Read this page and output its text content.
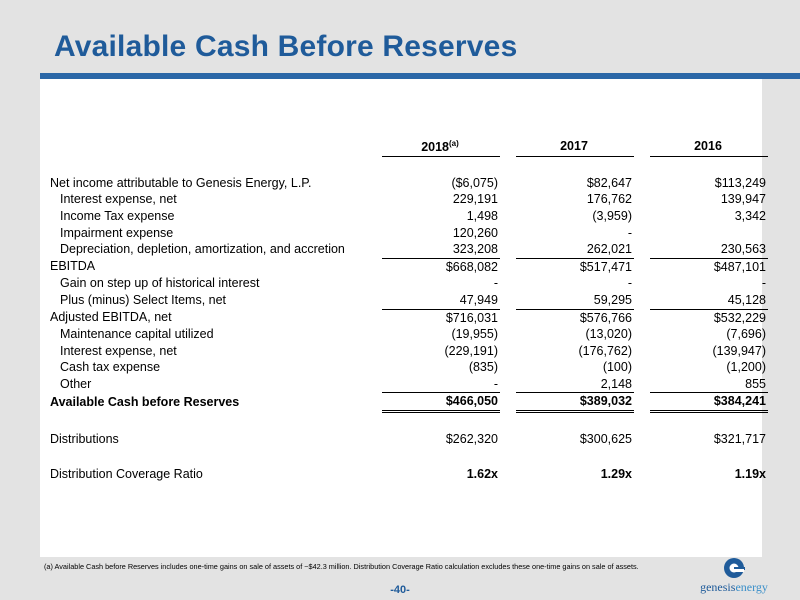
Available Cash Before Reserves
	2018$^{(a)}$		2017		2016

Net income attributable to Genesis Energy, L.P.	($6,075)		$82,647		$113,249
Interest expense, net	229,191		176,762		139,947
Income Tax expense	1,498		(3,959)		3,342
Impairment expense	120,260		-		
Depreciation, depletion, amortization, and accretion	323,208		262,021		230,563
EBITDA	$668,082		$517,471		$487,101
Gain on step up of historical interest	-		-		-
Plus (minus) Select Items, net	47,949		59,295		45,128
Adjusted EBITDA, net	$716,031		$576,766		$532,229
Maintenance capital utilized	(19,955)		(13,020)		(7,696)
Interest expense, net	(229,191)		(176,762)		(139,947)
Cash tax expense	(835)		(100)		(1,200)
Other	-		2,148		855
Available Cash before Reserves	$466,050		$389,032		$384,241

Distributions	$262,320		$300,625		$321,717

Distribution Coverage Ratio	1.62x		1.29x		1.19x
(a) Available Cash before Reserves includes one-time gains on sale of assets of ~$42.3 million. Distribution Coverage Ratio calculation excludes these one-time gains on sale of assets.
-40-	genesisenergy
